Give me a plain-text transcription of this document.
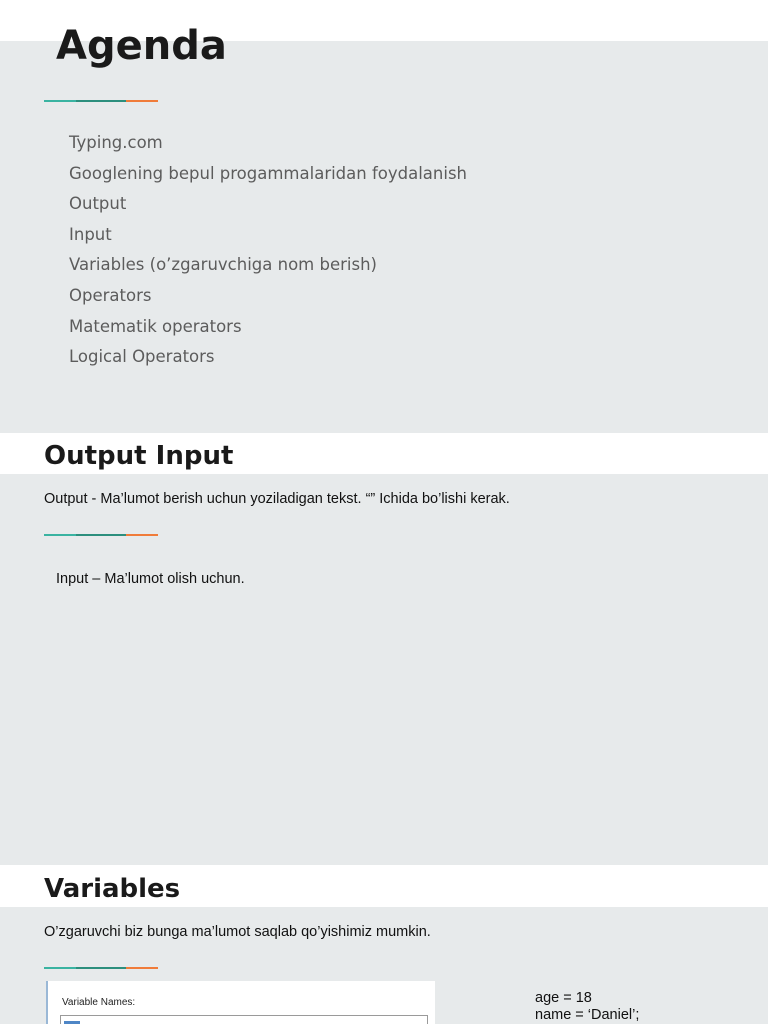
Agenda
Typing.com
Googlening bepul progammalaridan foydalanish
Output
Input
Variables (o’zgaruvchiga nom berish)
Operators
Matematik operators
Logical Operators
Output Input

Output - Ma’lumot berish uchun yoziladigan tekst. “” Ichida bo’lishi kerak.

Input – Ma’lumot olish uchun.

Variables

O’zgaruvchi biz bunga ma’lumot saqlab qo’yishimiz mumkin.

Variable Names:	age = 18
name = ‘Daniel’;
